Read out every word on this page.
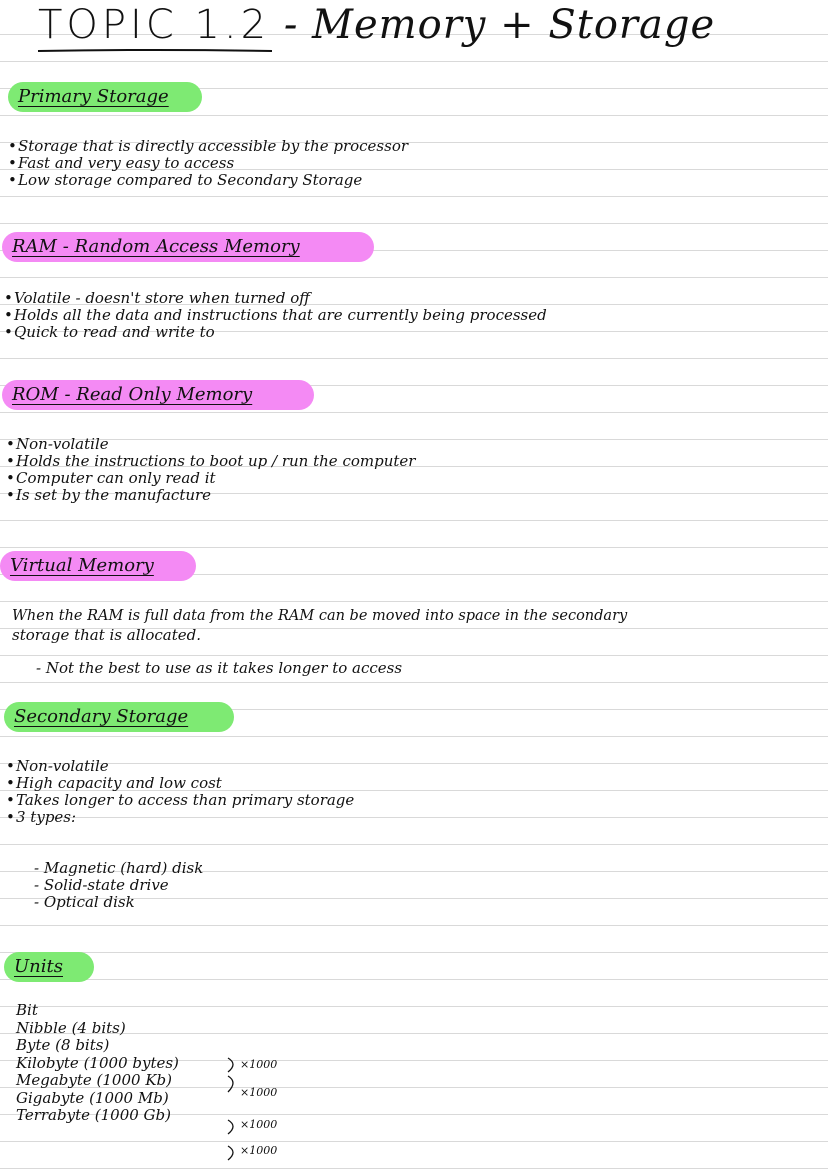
TOPIC 1.2 - Memory + Storage
Primary Storage
• Storage that is directly accessible by the processor
• Fast and very easy to access
• Low storage compared to Secondary Storage
RAM - Random Access Memory
• Volatile - doesn't store when turned off
• Holds all the data and instructions that are currently being processed
• Quick to read and write to
ROM - Read Only Memory
• Non-volatile
• Holds the instructions to boot up / run the computer
• Computer can only read it
• Is set by the manufacture
Virtual Memory
When the RAM is full data from the RAM can be moved into space in the secondary
storage that is allocated.
- Not the best to use as it takes longer to access
Secondary Storage
• Non-volatile
• High capacity and low cost
• Takes longer to access than primary storage
• 3 types:
- Magnetic (hard) disk
- Solid-state drive
- Optical disk
Units
Bit
Nibble (4 bits)
Byte (8 bits)
Kilobyte (1000 bytes)
Megabyte (1000 Kb)
Gigabyte (1000 Mb)
Terrabyte (1000 Gb)
×1000
×1000
×1000
×1000
